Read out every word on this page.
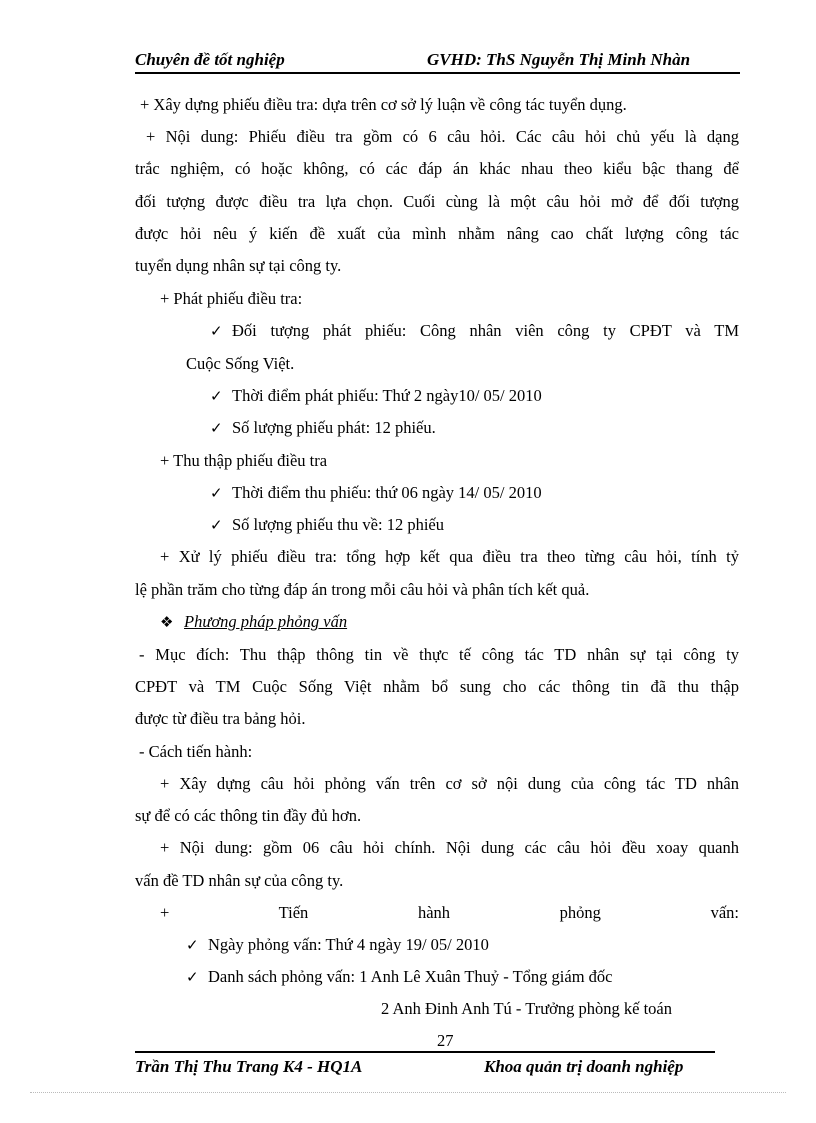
Chuyên đề tốt nghiệp	GVHD: ThS Nguyễn Thị Minh Nhàn
+ Xây dựng phiếu điều tra: dựa trên cơ sở lý luận về công tác tuyển dụng.
+ Nội dung: Phiếu điều tra gồm có 6 câu hỏi. Các câu hỏi chủ yếu là dạng
trắc nghiệm, có hoặc không, có các đáp án khác nhau theo kiểu bậc thang để
đối tượng được điều tra lựa chọn. Cuối cùng là một câu hỏi mở để đối tượng
được hỏi nêu ý kiến đề xuất của mình nhằm nâng cao chất lượng công tác
tuyển dụng nhân sự tại công ty.
+ Phát phiếu điều tra:
✓ Đối tượng phát phiếu: Công nhân viên công ty CPĐT và TM
Cuộc Sống Việt.
✓ Thời điểm phát phiếu: Thứ 2 ngày10/ 05/ 2010
✓ Số lượng phiếu phát: 12 phiếu.
+ Thu thập phiếu điều tra
✓ Thời điểm thu phiếu: thứ 06 ngày 14/ 05/ 2010
✓ Số lượng phiếu thu về: 12 phiếu
+ Xử lý phiếu điều tra: tổng hợp kết qua điều tra theo từng câu hỏi, tính tỷ
lệ phần trăm cho từng đáp án trong mỗi câu hỏi và phân tích kết quả.
❖ Phương pháp phỏng vấn
- Mục đích: Thu thập thông tin về thực tế công tác TD nhân sự tại công ty
CPĐT và TM Cuộc Sống Việt nhằm bổ sung cho các thông tin đã thu thập
được từ điều tra bảng hỏi.
- Cách tiến hành:
+ Xây dựng câu hỏi phỏng vấn trên cơ sở nội dung của công tác TD nhân
sự để có các thông tin đầy đủ hơn.
+ Nội dung: gồm 06 câu hỏi chính. Nội dung các câu hỏi đều xoay quanh
vấn đề TD nhân sự của công ty.
+ Tiến hành phỏng vấn:
✓ Ngày phỏng vấn: Thứ 4 ngày 19/ 05/ 2010
✓ Danh sách phỏng vấn: 1 Anh Lê Xuân Thuỷ - Tổng giám đốc
2 Anh Đinh Anh Tú - Trưởng phòng kế toán
27
Trần Thị Thu Trang K4 - HQ1A	Khoa quản trị doanh nghiệp
